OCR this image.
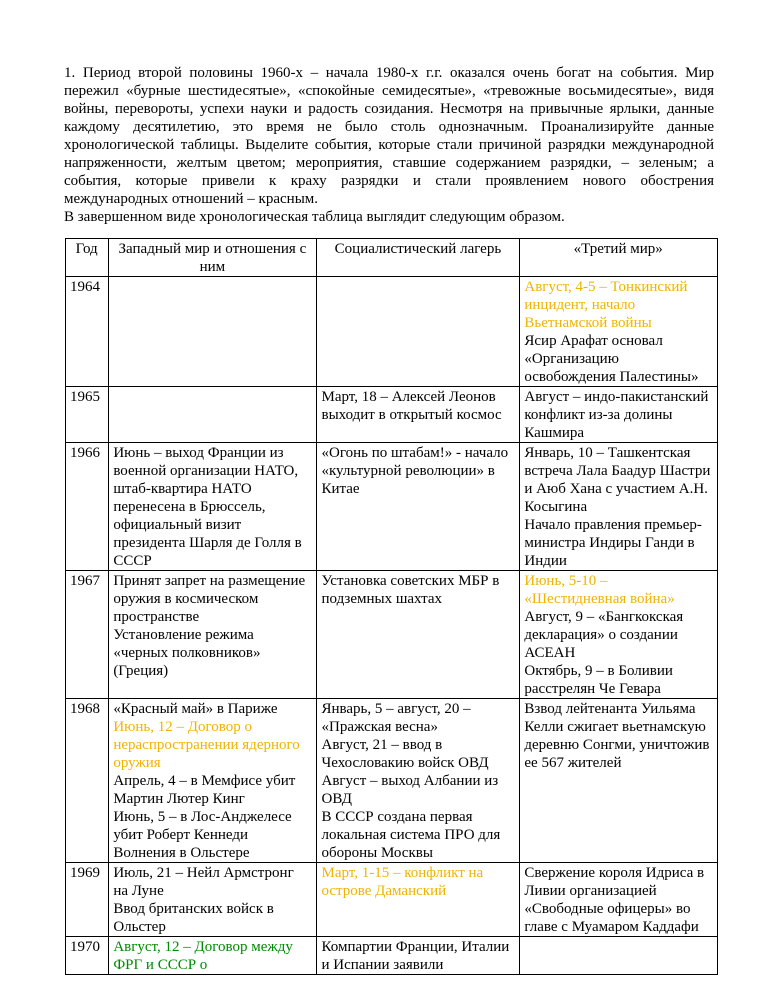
1. Период второй половины 1960-х – начала 1980-х г.г. оказался очень богат на события. Мир пережил «бурные шестидесятые», «спокойные семидесятые», «тревожные восьмидесятые», видя войны, перевороты, успехи науки и радость созидания. Несмотря на привычные ярлыки, данные каждому десятилетию, это время не было столь однозначным. Проанализируйте данные хронологической таблицы. Выделите события, которые стали причиной разрядки международной напряженности, желтым цветом; мероприятия, ставшие содержанием разрядки, – зеленым; а события, которые привели к краху разрядки и стали проявлением нового обострения международных отношений – красным.

В завершенном виде хронологическая таблица выглядит следующим образом.

Год	Западный мир и отношения с ним	Социалистический лагерь	«Третий мир»
1964			Август, 4-5 – Тонкинский инцидент, начало Вьетнамской войны
Ясир Арафат основал «Организацию освобождения Палестины»

1965		Март, 18 – Алексей Леонов выходит в открытый космос	Август – индо-пакистанский конфликт из-за долины Кашмира

1966	Июнь – выход Франции из военной организации НАТО, штаб-квартира НАТО перенесена в Брюссель, официальный визит президента Шарля де Голля в СССР	«Огонь по штабам!» - начало «культурной революции» в Китае	Январь, 10 – Ташкентская встреча Лала Баадур Шастри и Аюб Хана с участием А.Н. Косыгина
Начало правления премьер-министра Индиры Ганди в Индии

1967	Принят запрет на размещение оружия в космическом пространстве
Установление режима «черных полковников» (Греция)	Установка советских МБР в подземных шахтах	Июнь, 5-10 – «Шестидневная война»
Август, 9 – «Бангкокская декларация» о создании АСЕАН
Октябрь, 9 – в Боливии расстрелян Че Гевара

1968	«Красный май» в Париже
Июнь, 12 – Договор о нераспространении ядерного оружия
Апрель, 4 – в Мемфисе убит Мартин Лютер Кинг
Июнь, 5 – в Лос-Анджелесе убит Роберт Кеннеди
Волнения в Ольстере	Январь, 5 – август, 20 – «Пражская весна»
Август, 21 – ввод в Чехословакию войск ОВД
Август – выход Албании из ОВД
В СССР создана первая локальная система ПРО для обороны Москвы	Взвод лейтенанта Уильяма Келли сжигает вьетнамскую деревню Сонгми, уничтожив ее 567 жителей

1969	Июль, 21 – Нейл Армстронг на Луне
Ввод британских войск в Ольстер	Март, 1-15 – конфликт на острове Даманский	Свержение короля Идриса в Ливии организацией «Свободные офицеры» во главе с Муамаром Каддафи

1970	Август, 12 – Договор между ФРГ и СССР о	Компартии Франции, Италии и Испании заявили	
